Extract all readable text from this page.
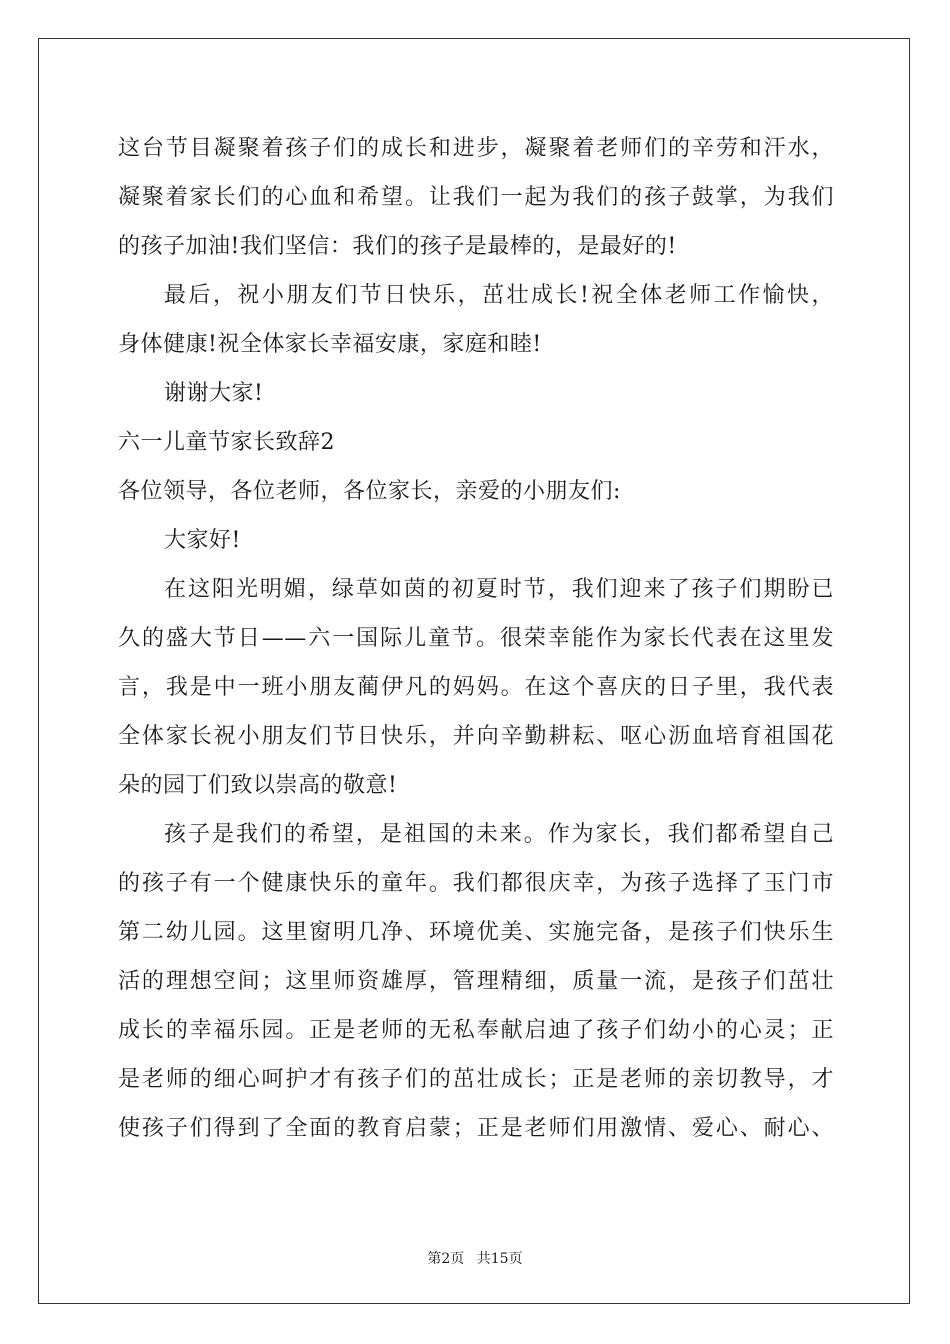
这台节目凝聚着孩子们的成长和进步，凝聚着老师们的辛劳和汗水，
凝聚着家长们的心血和希望。让我们一起为我们的孩子鼓掌，为我们
的孩子加油!我们坚信：我们的孩子是最棒的，是最好的!
最后，祝小朋友们节日快乐，茁壮成长!祝全体老师工作愉快，
身体健康!祝全体家长幸福安康，家庭和睦!
谢谢大家!
六一儿童节家长致辞2
各位领导，各位老师，各位家长，亲爱的小朋友们:
大家好!
在这阳光明媚，绿草如茵的初夏时节，我们迎来了孩子们期盼已
久的盛大节日——六一国际儿童节。很荣幸能作为家长代表在这里发
言，我是中一班小朋友蔺伊凡的妈妈。在这个喜庆的日子里，我代表
全体家长祝小朋友们节日快乐，并向辛勤耕耘、呕心沥血培育祖国花
朵的园丁们致以崇高的敬意!
孩子是我们的希望，是祖国的未来。作为家长，我们都希望自己
的孩子有一个健康快乐的童年。我们都很庆幸，为孩子选择了玉门市
第二幼儿园。这里窗明几净、环境优美、实施完备，是孩子们快乐生
活的理想空间；这里师资雄厚，管理精细，质量一流，是孩子们茁壮
成长的幸福乐园。正是老师的无私奉献启迪了孩子们幼小的心灵；正
是老师的细心呵护才有孩子们的茁壮成长；正是老师的亲切教导，才
使孩子们得到了全面的教育启蒙；正是老师们用激情、爱心、耐心、
第2页 共15页
